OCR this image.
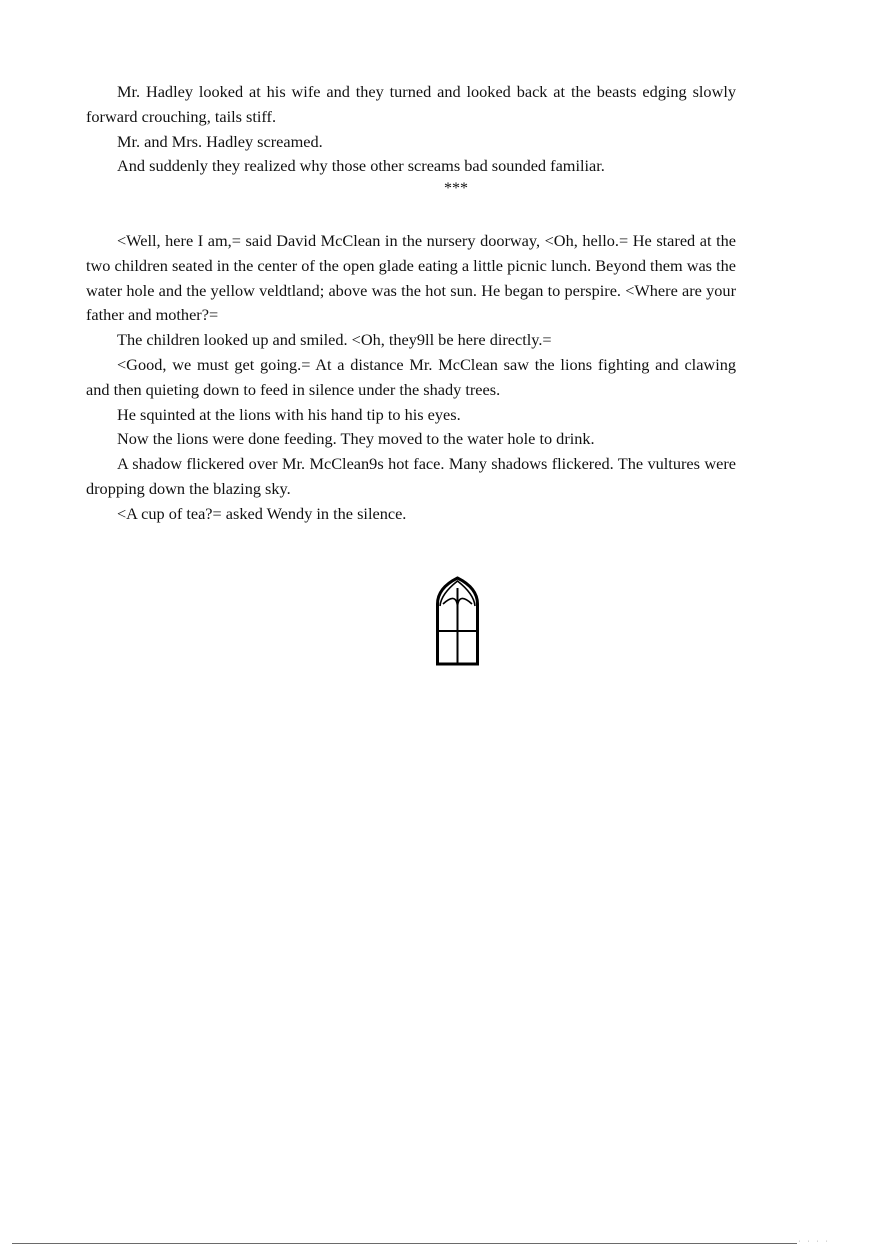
Mr. Hadley looked at his wife and they turned and looked back at the beasts edging slowly forward crouching, tails stiff.

Mr. and Mrs. Hadley screamed.

And suddenly they realized why those other screams bad sounded familiar.

***

<Well, here I am,= said David McClean in the nursery doorway, <Oh, hello.= He stared at the two children seated in the center of the open glade eating a little picnic lunch. Beyond them was the water hole and the yellow veldtland; above was the hot sun. He began to perspire. <Where are your father and mother?=

The children looked up and smiled. <Oh, they9ll be here directly.=

<Good, we must get going.= At a distance Mr. McClean saw the lions fighting and clawing and then quieting down to feed in silence under the shady trees.

He squinted at the lions with his hand tip to his eyes.

Now the lions were done feeding. They moved to the water hole to drink.

A shadow flickered over Mr. McClean9s hot face. Many shadows flickered. The vultures were dropping down the blazing sky.

<A cup of tea?= asked Wendy in the silence.

⋅ ⋅ ⋅ ⋅
